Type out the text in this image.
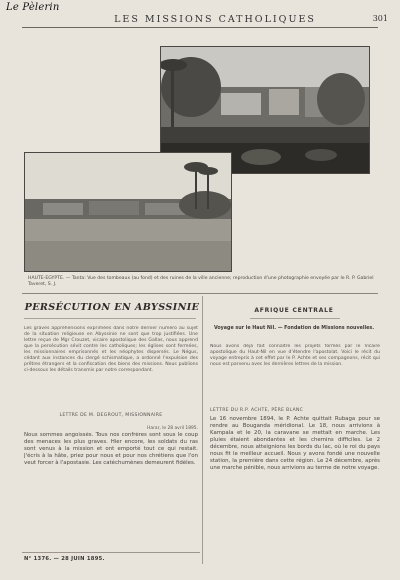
Le Pèlerin
LES MISSIONS CATHOLIQUES	301
HAUTE-EGYPTE. — Tanta: Vue des tombeaux (au fond) et des ruines de la ville ancienne; reproduction d'une photographie envoyée par le R. P. Gabriel Taveret, S. J.
PERSÉCUTION EN ABYSSINIE
Les graves appréhensions exprimées dans notre dernier numéro au sujet de la situation religieuse en Abyssinie ne sont que trop justifiées. Une lettre reçue de Mgr Crouzet, vicaire apostolique des Gallas, nous apprend que la persécution sévit contre les catholiques; les églises sont fermées, les missionnaires emprisonnés et les néophytes dispersés. Le Négus, cédant aux instances du clergé schismatique, a ordonné l'expulsion des prêtres étrangers et la confiscation des biens des missions. Nous publions ci-dessous les détails transmis par notre correspondant.
LETTRE DE M. DEGROUT, MISSIONNAIRE
Harar, le 28 avril 1895.
Nous sommes angoissés. Tous nos confrères sont sous le coup des menaces les plus graves. Hier encore, les soldats du ras sont venus à la mission et ont emporté tout ce qui restait. J'écris à la hâte, priez pour nous et pour nos chrétiens que l'on veut forcer à l'apostasie. Les catéchumènes demeurent fidèles.
AFRIQUE CENTRALE
Voyage sur le Haut Nil. — Fondation de Missions nouvelles.
Nous avons déjà fait connaître les projets formés par le Vicaire apostolique du Haut-Nil en vue d'étendre l'apostolat. Voici le récit du voyage entrepris à cet effet par le P. Achte et ses compagnons, récit qui nous est parvenu avec les dernières lettres de la mission.
LETTRE DU R.P. ACHTE, PÈRE BLANC
Le 16 novembre 1894, le P. Achte quittait Rubaga pour se rendre au Bouganda méridional. Le 18, nous arrivions à Kampala et le 20, la caravane se mettait en marche. Les pluies étaient abondantes et les chemins difficiles. Le 2 décembre, nous atteignions les bords du lac, où le roi du pays nous fit le meilleur accueil. Nous y avons fondé une nouvelle station, la première dans cette région. Le 24 décembre, après une marche pénible, nous arrivions au terme de notre voyage.
N° 1376. — 28 JUIN 1895.
